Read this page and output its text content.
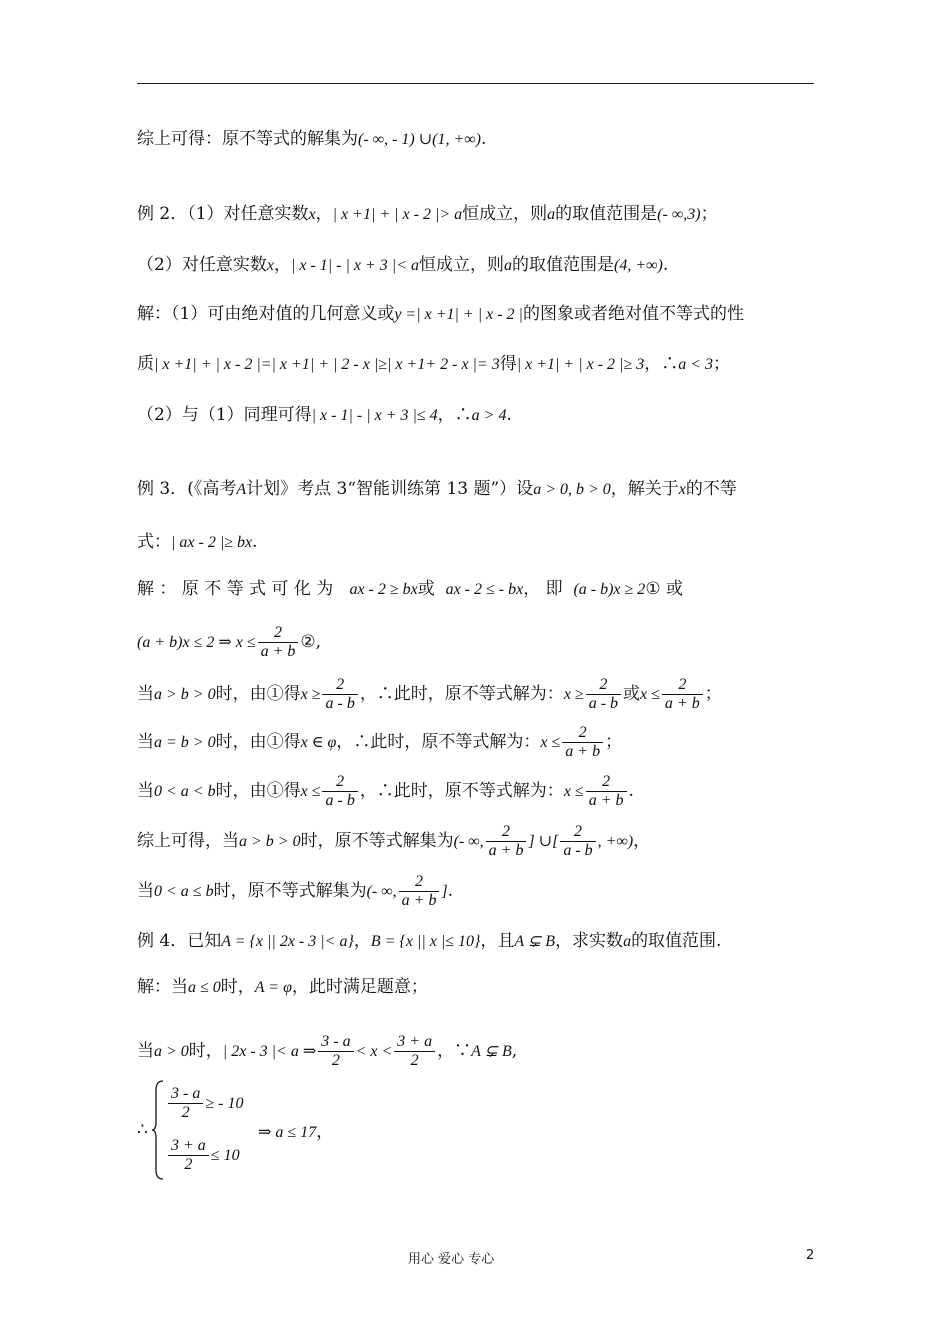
综上可得：原不等式的解集为(- ∞, - 1) ∪(1, +∞).
例 2．（1）对任意实数x，| x +1| + | x - 2 |> a恒成立，则a的取值范围是(- ∞,3)；
（2）对任意实数x，| x - 1| - | x + 3 |< a恒成立，则a的取值范围是(4, +∞).
解：（1）可由绝对值的几何意义或y =| x +1| + | x - 2 |的图象或者绝对值不等式的性
质| x +1| + | x - 2 |=| x +1| + | 2 - x |≥| x +1+ 2 - x |= 3得| x +1| + | x - 2 |≥ 3，∴a < 3；
（2）与（1）同理可得| x - 1| - | x + 3 |≤ 4，∴a > 4.
例 3．(《高考A计划》考点 3“智能训练第 13 题”）设a > 0, b > 0，解关于x的不等
式：| ax - 2 |≥ bx.
解 ： 原 不 等 式 可 化 为 ax - 2 ≥ bx或 ax - 2 ≤ - bx， 即 (a - b)x ≥ 2① 或
(a + b)x ≤ 2 ⇒ $x \le \frac{2}{a + b}$ ②,
当a > b > 0时，由①得$x \ge \frac{2}{a - b}$ ，∴此时，原不等式解为：$x \ge \frac{2}{a - b}$ 或$x \le \frac{2}{a + b}$ ；
当a = b > 0时，由①得x ∈ φ，∴此时，原不等式解为：$x \le \frac{2}{a + b}$ ；
当0 < a < b时，由①得$x \le \frac{2}{a - b}$ ，∴此时，原不等式解为：$x \le \frac{2}{a + b}$ .
综上可得，当a > b > 0时，原不等式解集为(- ∞, $\frac{2}{a + b}$ ] ∪[ $\frac{2}{a - b}$ , +∞)，
当0 < a ≤ b时，原不等式解集为(- ∞, $\frac{2}{a + b}$ ].
例 4．已知A = {x || 2x - 3 |< a}，B = {x || x |≤ 10}，且A ⊊ B，求实数a的取值范围.
解：当a ≤ 0时，A = φ，此时满足题意；
当a > 0时，| 2x - 3 |< a ⇒ $\frac{3 - a}{2} < x < \frac{3 + a}{2}$ ，∵A ⊊ B,
∴
$\frac{3 - a}{2}$ ≥ - 10
$\frac{3 + a}{2} \le 10$
⇒ a ≤ 17，
用心 爱心 专心	2
